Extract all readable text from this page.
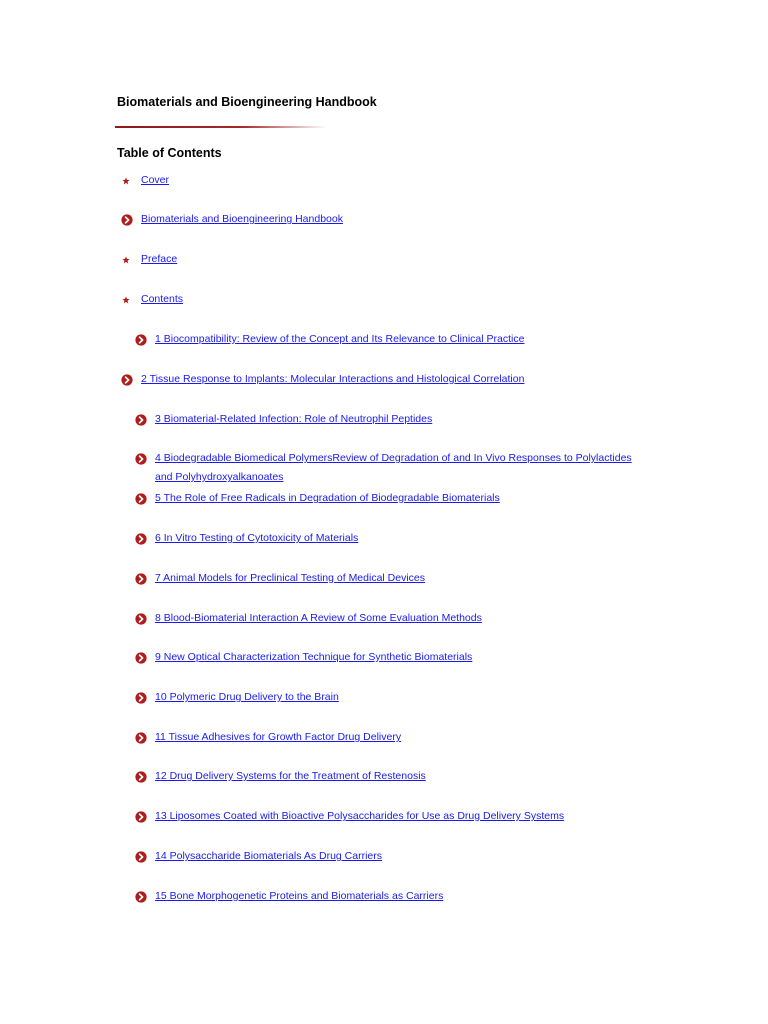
Biomaterials and Bioengineering Handbook
Table of Contents
Cover
Biomaterials and Bioengineering Handbook
Preface
Contents
1 Biocompatibility: Review of the Concept and Its Relevance to Clinical Practice
2 Tissue Response to Implants: Molecular Interactions and Histological Correlation
3 Biomaterial-Related Infection: Role of Neutrophil Peptides
4 Biodegradable Biomedical PolymersReview of Degradation of and In Vivo Responses to Polylactides
and Polyhydroxyalkanoates
5 The Role of Free Radicals in Degradation of Biodegradable Biomaterials
6 In Vitro Testing of Cytotoxicity of Materials
7 Animal Models for Preclinical Testing of Medical Devices
8 Blood-Biomaterial Interaction A Review of Some Evaluation Methods
9 New Optical Characterization Technique for Synthetic Biomaterials
10 Polymeric Drug Delivery to the Brain
11 Tissue Adhesives for Growth Factor Drug Delivery
12 Drug Delivery Systems for the Treatment of Restenosis
13 Liposomes Coated with Bioactive Polysaccharides for Use as Drug Delivery Systems
14 Polysaccharide Biomaterials As Drug Carriers
15 Bone Morphogenetic Proteins and Biomaterials as Carriers
